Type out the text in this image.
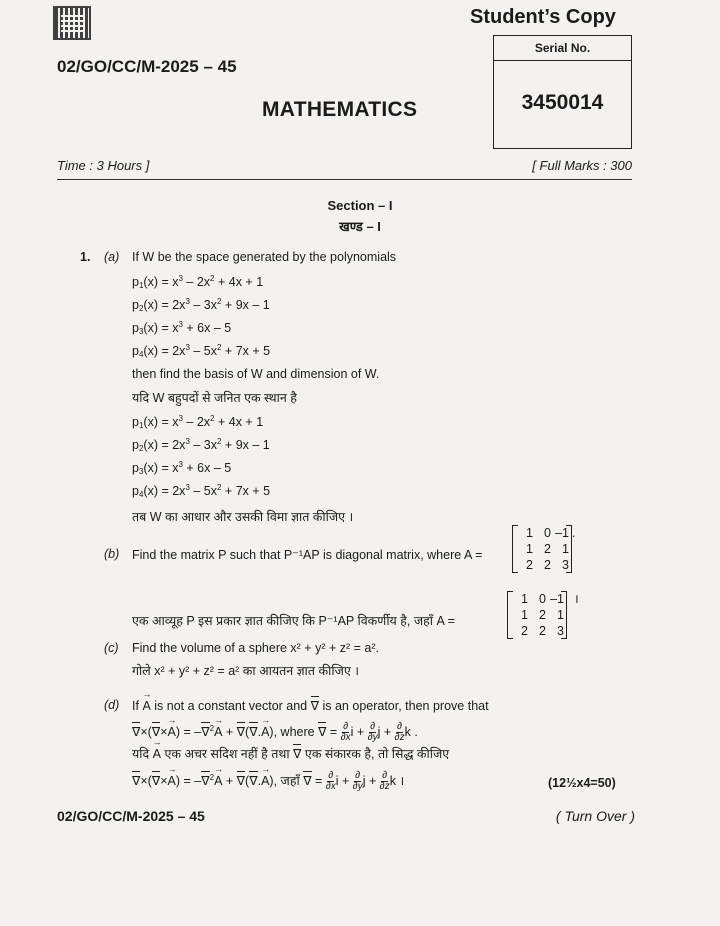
Student’s Copy
Serial No.
3450014
02/GO/CC/M-2025 – 45
MATHEMATICS
Time : 3 Hours ]	[ Full Marks : 300
Section – I
खण्ड – I
1. (a) If W be the space generated by the polynomials
$p_1(x) = x^3 - 2x^2 + 4x + 1$
$p_2(x) = 2x^3 - 3x^2 + 9x - 1$
$p_3(x) = x^3 + 6x - 5$
$p_4(x) = 2x^3 - 5x^2 + 7x + 5$
then find the basis of W and dimension of W.
यदि W बहुपदों से जनित एक स्थान है
$p_1(x) = x^3 - 2x^2 + 4x + 1$
$p_2(x) = 2x^3 - 3x^2 + 9x - 1$
$p_3(x) = x^3 + 6x - 5$
$p_4(x) = 2x^3 - 5x^2 + 7x + 5$
तब W का आधार और उसकी विमा ज्ञात कीजिए ।
(b) Find the matrix P such that P⁻¹AP is diagonal matrix, where A =
1 0 –1
1 2 1
2 2 3
.
एक आव्यूह P इस प्रकार ज्ञात कीजिए कि P⁻¹AP विकर्णीय है, जहाँ A =
1 0 –1
1 2 1
2 2 3
।
(c) Find the volume of a sphere x² + y² + z² = a².
गोले x² + y² + z² = a² का आयतन ज्ञात कीजिए ।
(d) If → A is not a constant vector and ∇ is an operator, then prove that
∇
×(∇
×→ A) = –∇
$^2$→ A + ∇
(∇
.→ A), where ∇
= $\frac{\partial}{\partial x}$ $i + \frac{\partial}{\partial y}$ $j + \frac{\partial}{\partial z}$ k .
यदि → A एक अचर सदिश नहीं है तथा ∇ एक संकारक है, तो सिद्ध कीजिए
∇
×(∇
×→ A) = –∇
$^2$→ A + ∇
(∇
.→ A), जहाँ ∇
= $\frac{\partial}{\partial x}$ $i + \frac{\partial}{\partial y}$ $j + \frac{\partial}{\partial z}$ k ।	(12½x4=50)
02/GO/CC/M-2025 – 45	( Turn Over )
